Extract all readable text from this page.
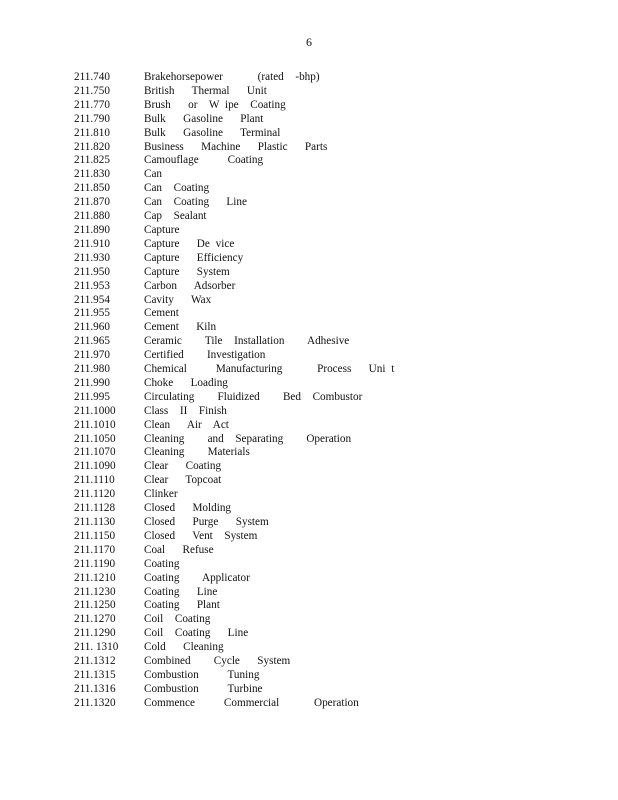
6
211.740	Brakehorsepower      (rated  -bhp)
211.750	British   Thermal   Unit
211.770	Brush   or  W ipe  Coating
211.790	Bulk   Gasoline   Plant
211.810	Bulk   Gasoline   Terminal
211.820	Business   Machine   Plastic   Parts
211.825	Camouflage     Coating
211.830	Can
211.850	Can  Coating
211.870	Can  Coating   Line
211.880	Cap  Sealant
211.890	Capture
211.910	Capture   De vice
211.930	Capture   Efficiency
211.950	Capture   System
211.953	Carbon   Adsorber
211.954	Cavity   Wax
211.955	Cement
211.960	Cement   Kiln
211.965	Ceramic    Tile  Installation    Adhesive
211.970	Certified    Investigation
211.980	Chemical     Manufacturing      Process   Uni t
211.990	Choke   Loading
211.995	Circulating    Fluidized    Bed  Combustor
211.1000	Class  II  Finish
211.1010	Clean   Air  Act
211.1050	Cleaning    and  Separating    Operation
211.1070	Cleaning    Materials
211.1090	Clear   Coating
211.1110	Clear   Topcoat
211.1120	Clinker
211.1128	Closed   Molding
211.1130	Closed   Purge   System
211.1150	Closed   Vent  System
211.1170	Coal   Refuse
211.1190	Coating
211.1210	Coating    Applicator
211.1230	Coating   Line
211.1250	Coating   Plant
211.1270	Coil  Coating
211.1290	Coil  Coating   Line
211. 1310	Cold   Cleaning
211.1312	Combined    Cycle   System
211.1315	Combustion     Tuning
211.1316	Combustion     Turbine
211.1320	Commence     Commercial      Operation
